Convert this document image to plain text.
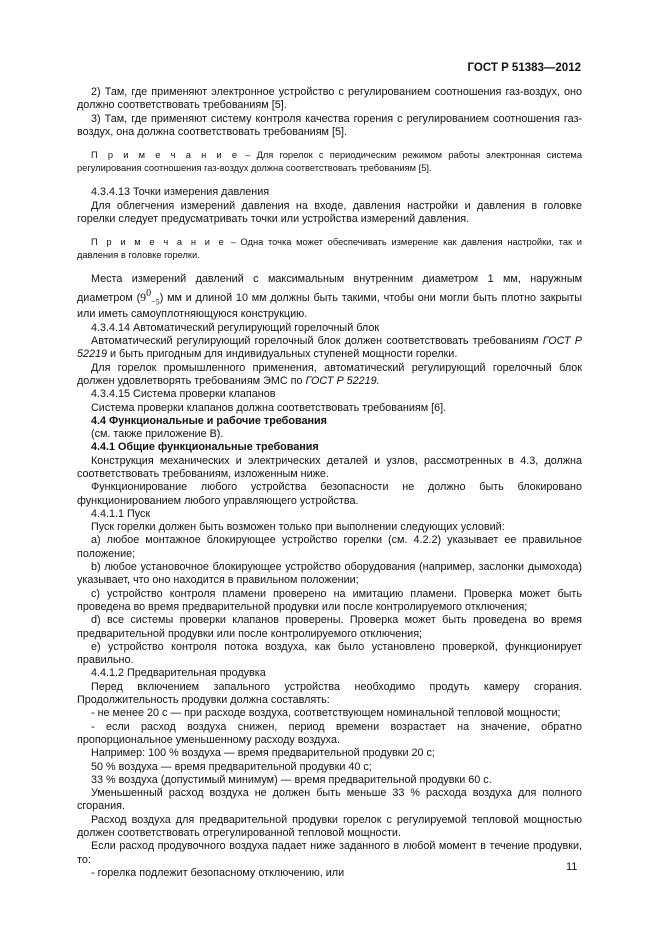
ГОСТ Р 51383—2012

2) Там, где применяют электронное устройство с регулированием соотношения газ-воздух, оно должно соответствовать требованиям [5].

3) Там, где применяют систему контроля качества горения с регулированием соотношения газ-воздух, она должна соответствовать требованиям [5].

П р и м е ч а н и е – Для горелок с периодическим режимом работы электронная система регулирования соотношения газ-воздух должна соответствовать требованиям [5].

4.3.4.13 Точки измерения давления

Для облегчения измерений давления на входе, давления настройки и давления в головке горелки следует предусматривать точки или устройства измерений давления.

П р и м е ч а н и е – Одна точка может обеспечивать измерение как давления настройки, так и давления в головке горелки.

Места измерений давлений с максимальным внутренним диаметром 1 мм, наружным диаметром $(9^0_{-5})$ мм и длиной 10 мм должны быть такими, чтобы они могли быть плотно закрыты или иметь самоуплотняющуюся конструкцию.

4.3.4.14 Автоматический регулирующий горелочный блок

Автоматический регулирующий горелочный блок должен соответствовать требованиям ГОСТ Р 52219 и быть пригодным для индивидуальных ступеней мощности горелки.

Для горелок промышленного применения, автоматический регулирующий горелочный блок должен удовлетворять требованиям ЭМС по ГОСТ Р 52219.

4.3.4.15 Система проверки клапанов

Система проверки клапанов должна соответствовать требованиям [6].

4.4 Функциональные и рабочие требования

(см. также приложение В).

4.4.1 Общие функциональные требования

Конструкция механических и электрических деталей и узлов, рассмотренных в 4.3, должна соответствовать требованиям, изложенным ниже.

Функционирование любого устройства безопасности не должно быть блокировано функционированием любого управляющего устройства.

4.4.1.1 Пуск

Пуск горелки должен быть возможен только при выполнении следующих условий:

а) любое монтажное блокирующее устройство горелки (см. 4.2.2) указывает ее правильное положение;

b) любое установочное блокирующее устройство оборудования (например, заслонки дымохода) указывает, что оно находится в правильном положении;

c) устройство контроля пламени проверено на имитацию пламени. Проверка может быть проведена во время предварительной продувки или после контролируемого отключения;

d) все системы проверки клапанов проверены. Проверка может быть проведена во время предварительной продувки или после контролируемого отключения;

e) устройство контроля потока воздуха, как было установлено проверкой, функционирует правильно.

4.4.1.2 Предварительная продувка

Перед включением запального устройства необходимо продуть камеру сгорания. Продолжительность продувки должна составлять:

- не менее 20 с — при расходе воздуха, соответствующем номинальной тепловой мощности;

- если расход воздуха снижен, период времени возрастает на значение, обратно пропорциональное уменьшенному расходу воздуха.

Например: 100 % воздуха — время предварительной продувки 20 с;

50 % воздуха — время предварительной продувки 40 с;

33 % воздуха (допустимый минимум) — время предварительной продувки 60 с.

Уменьшенный расход воздуха не должен быть меньше 33 % расхода воздуха для полного сгорания.

Расход воздуха для предварительной продувки горелок с регулируемой тепловой мощностью должен соответствовать отрегулированной тепловой мощности.

Если расход продувочного воздуха падает ниже заданного в любой момент в течение продувки, то:

- горелка подлежит безопасному отключению, или	11
